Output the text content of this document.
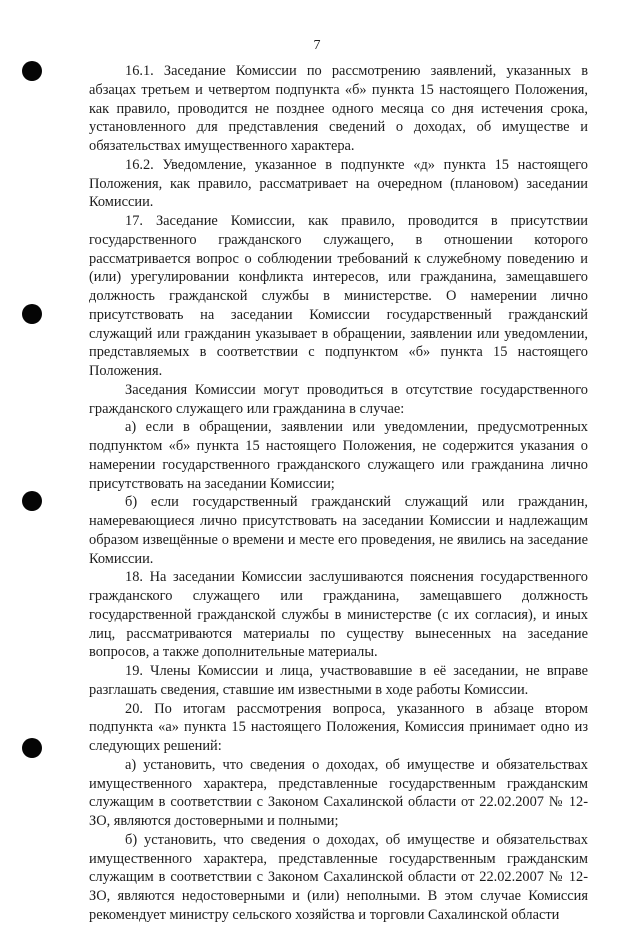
7

16.1. Заседание Комиссии по рассмотрению заявлений, указанных в абзацах третьем и четвертом подпункта «б» пункта 15 настоящего Положения, как правило, проводится не позднее одного месяца со дня истечения срока, установленного для представления сведений о доходах, об имуществе и обязательствах имущественного характера.

16.2. Уведомление, указанное в подпункте «д» пункта 15 настоящего Положения, как правило, рассматривает на очередном (плановом) заседании Комиссии.

17. Заседание Комиссии, как правило, проводится в присутствии государственного гражданского служащего, в отношении которого рассматривается вопрос о соблюдении требований к служебному поведению и (или) урегулировании конфликта интересов, или гражданина, замещавшего должность гражданской службы в министерстве. О намерении лично присутствовать на заседании Комиссии государственный гражданский служащий или гражданин указывает в обращении, заявлении или уведомлении, представляемых в соответствии с подпунктом «б» пункта 15 настоящего Положения.

Заседания Комиссии могут проводиться в отсутствие государственного гражданского служащего или гражданина в случае:

а) если в обращении, заявлении или уведомлении, предусмотренных подпунктом «б» пункта 15 настоящего Положения, не содержится указания о намерении государственного гражданского служащего или гражданина лично присутствовать на заседании Комиссии;

б) если государственный гражданский служащий или гражданин, намеревающиеся лично присутствовать на заседании Комиссии и надлежащим образом извещённые о времени и месте его проведения, не явились на заседание Комиссии.

18. На заседании Комиссии заслушиваются пояснения государственного гражданского служащего или гражданина, замещавшего должность государственной гражданской службы в министерстве (с их согласия), и иных лиц, рассматриваются материалы по существу вынесенных на заседание вопросов, а также дополнительные материалы.

19. Члены Комиссии и лица, участвовавшие в её заседании, не вправе разглашать сведения, ставшие им известными в ходе работы Комиссии.

20. По итогам рассмотрения вопроса, указанного в абзаце втором подпункта «а» пункта 15 настоящего Положения, Комиссия принимает одно из следующих решений:

а) установить, что сведения о доходах, об имуществе и обязательствах имущественного характера, представленные государственным гражданским служащим в соответствии с Законом Сахалинской области от 22.02.2007 № 12-ЗО, являются достоверными и полными;

б) установить, что сведения о доходах, об имуществе и обязательствах имущественного характера, представленные государственным гражданским служащим в соответствии с Законом Сахалинской области от 22.02.2007 № 12-ЗО, являются недостоверными и (или) неполными. В этом случае Комиссия рекомендует министру сельского хозяйства и торговли Сахалинской области
